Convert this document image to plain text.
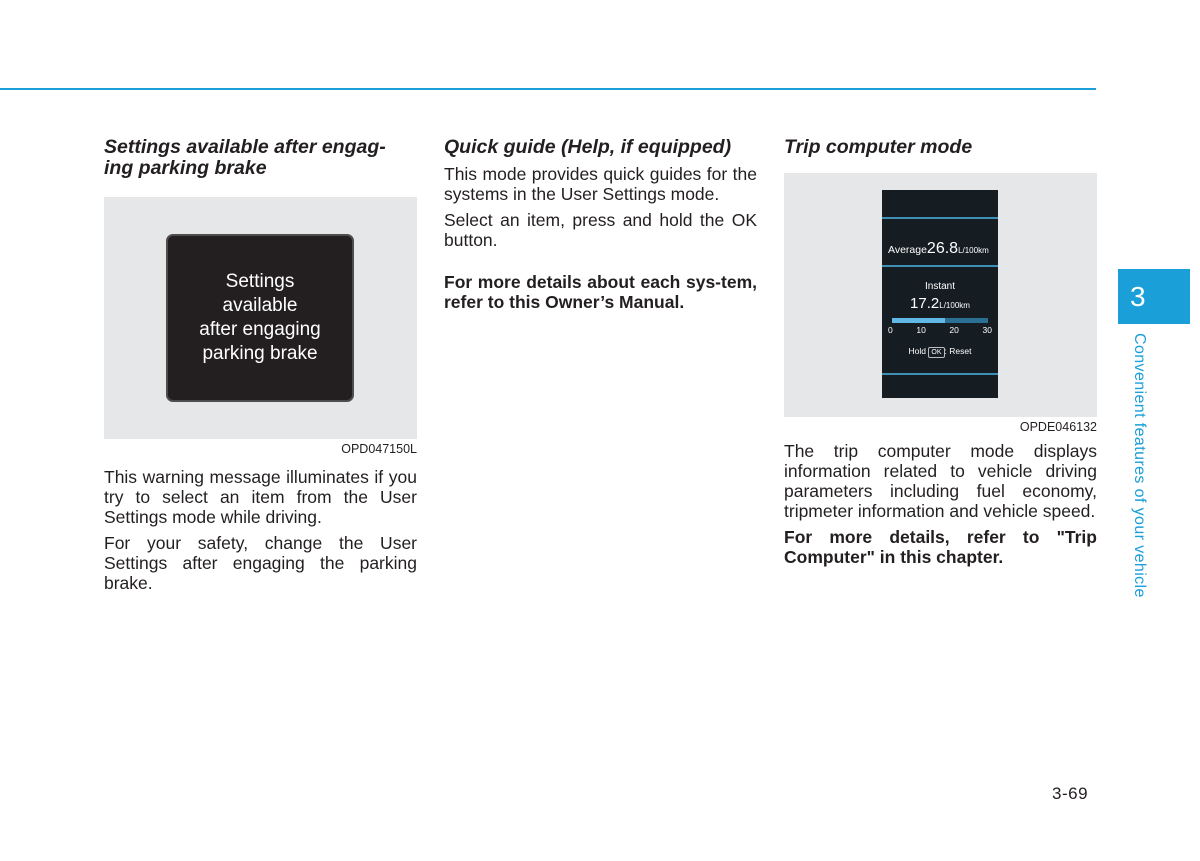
Settings available after engag-
ing parking brake
Settings
available
after engaging
parking brake
OPD047150L

This warning message illuminates if you try to select an item from the User Settings mode while driving.

For your safety, change the User Settings after engaging the parking brake.

Quick guide (Help, if equipped)

This mode provides quick guides for the systems in the User Settings mode.

Select an item, press and hold the OK button.

For more details about each sys-tem, refer to this Owner’s Manual.

Trip computer mode
Average26.8L/100km
Instant
17.2L/100km
0	10	20	30
Hold OK : Reset
OPDE046132

The trip computer mode displays information related to vehicle driving parameters including fuel economy, tripmeter information and vehicle speed.

For more details, refer to "Trip Computer" in this chapter.

3
Convenient features of your vehicle
3-69
